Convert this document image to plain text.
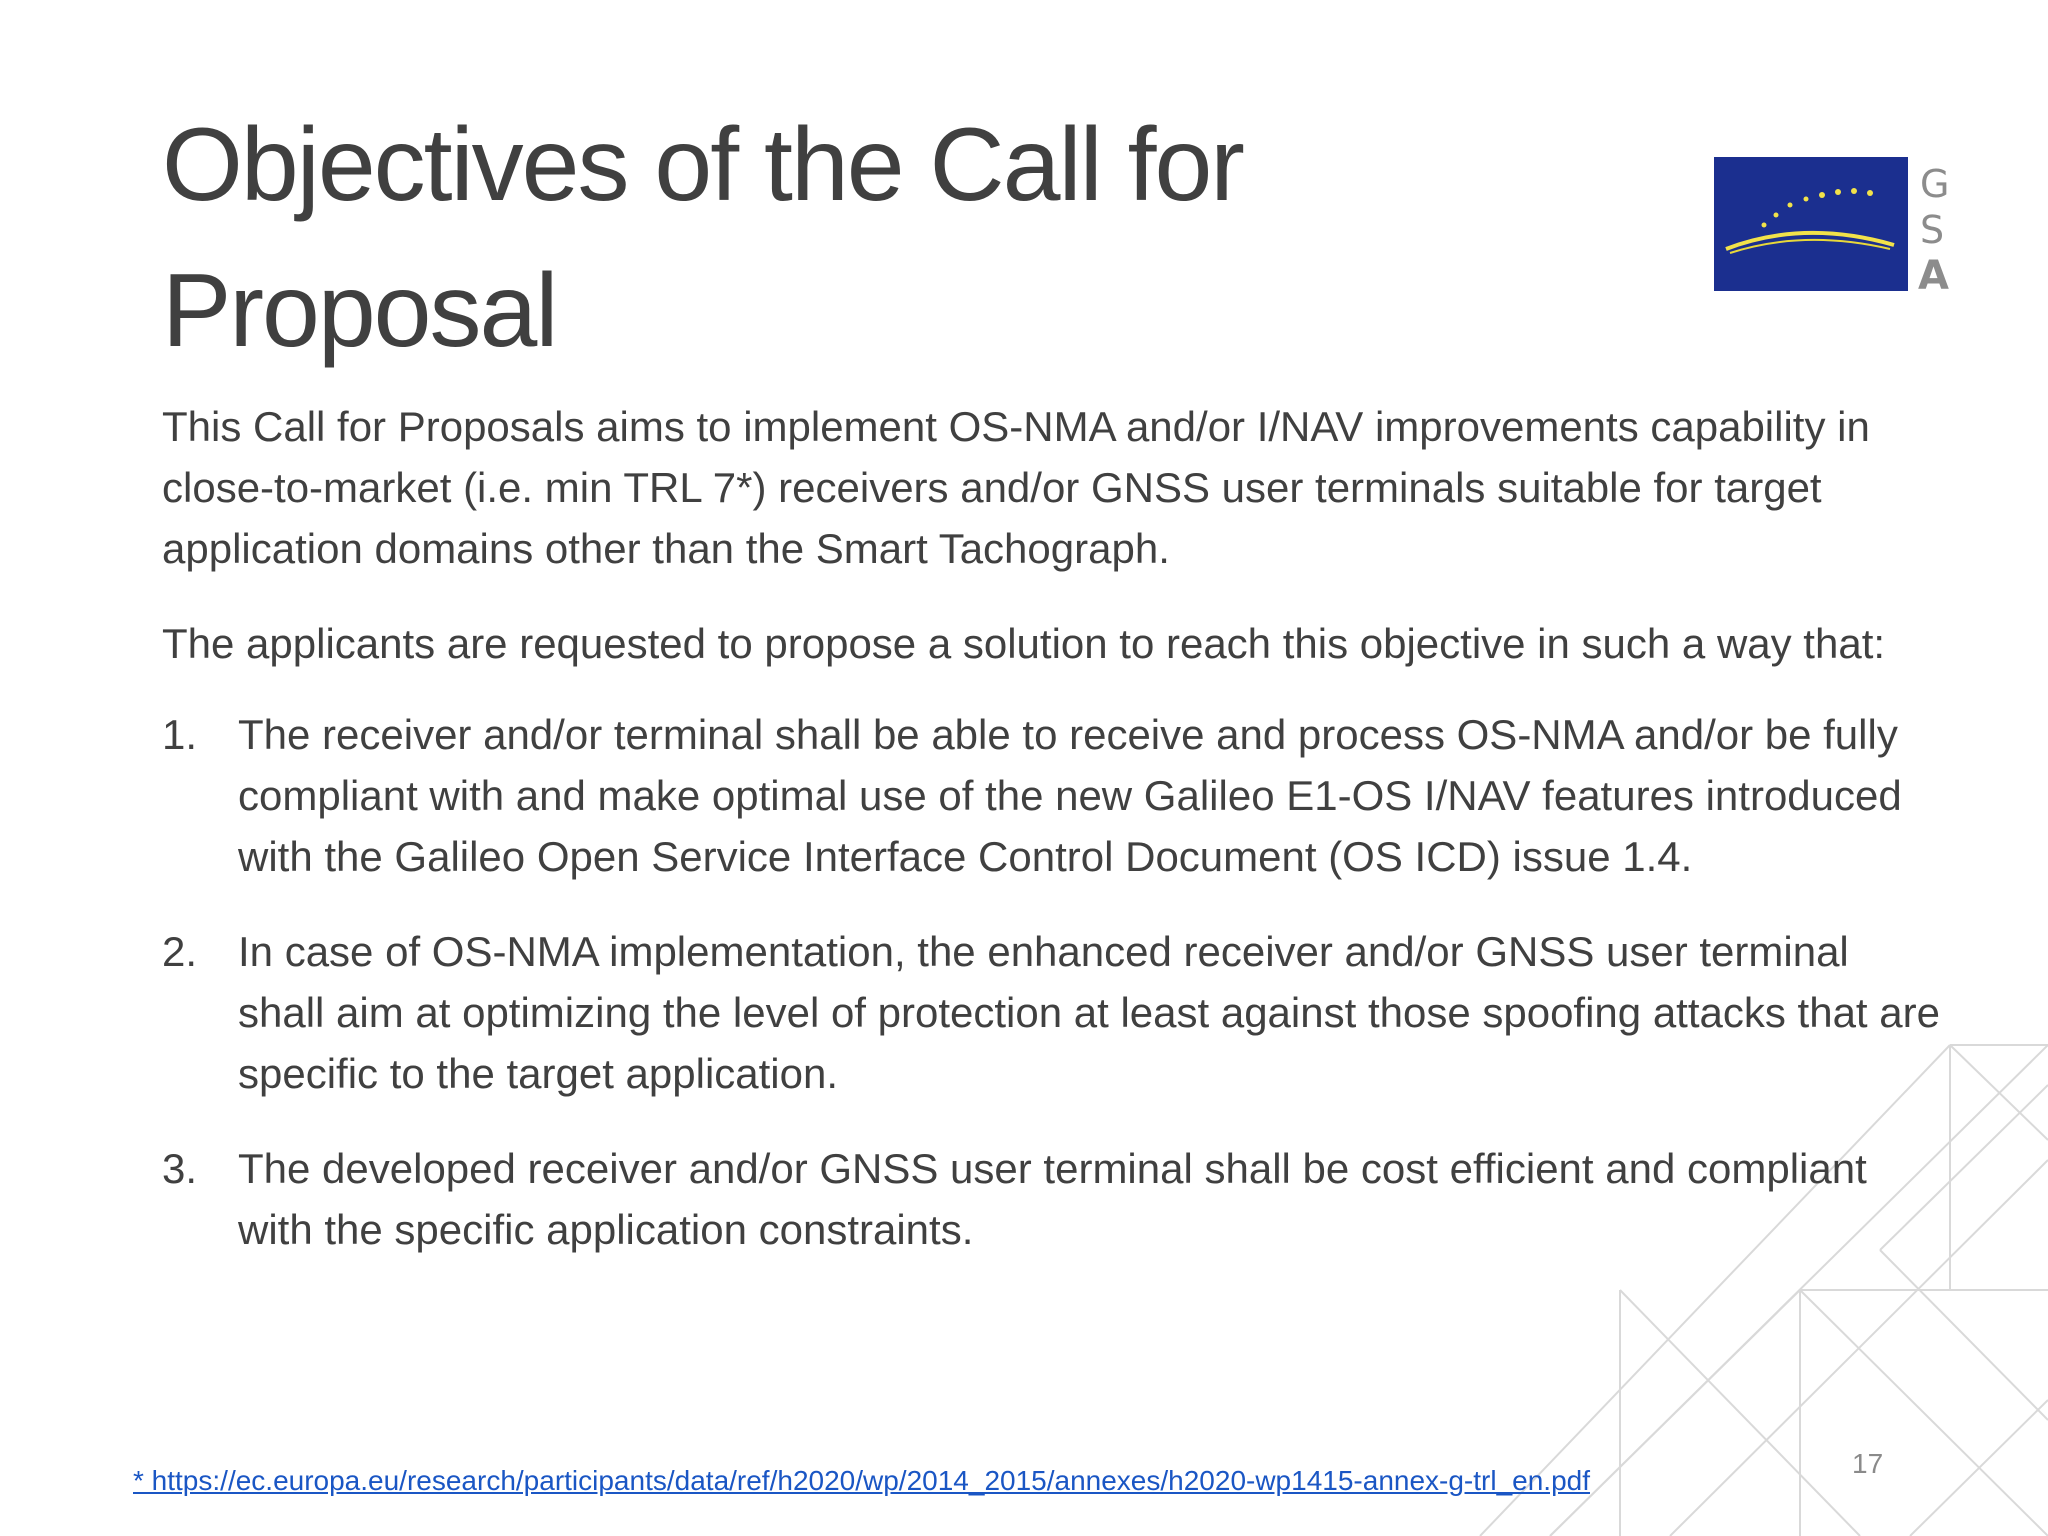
Objectives of the Call for Proposal
G
S
A

This Call for Proposals aims to implement OS-NMA and/or I/NAV improvements capability in close-to-market (i.e. min TRL 7*) receivers and/or GNSS user terminals suitable for target application domains other than the Smart Tachograph.

The applicants are requested to propose a solution to reach this objective in such a way that:

1. The receiver and/or terminal shall be able to receive and process OS-NMA and/or be fully compliant with and make optimal use of the new Galileo E1-OS I/NAV features introduced with the Galileo Open Service Interface Control Document (OS ICD) issue 1.4.
2. In case of OS-NMA implementation, the enhanced receiver and/or GNSS user terminal shall aim at optimizing the level of protection at least against those spoofing attacks that are specific to the target application.
3. The developed receiver and/or GNSS user terminal shall be cost efficient and compliant with the specific application constraints.
* https://ec.europa.eu/research/participants/data/ref/h2020/wp/2014_2015/annexes/h2020-wp1415-annex-g-trl_en.pdf
17
